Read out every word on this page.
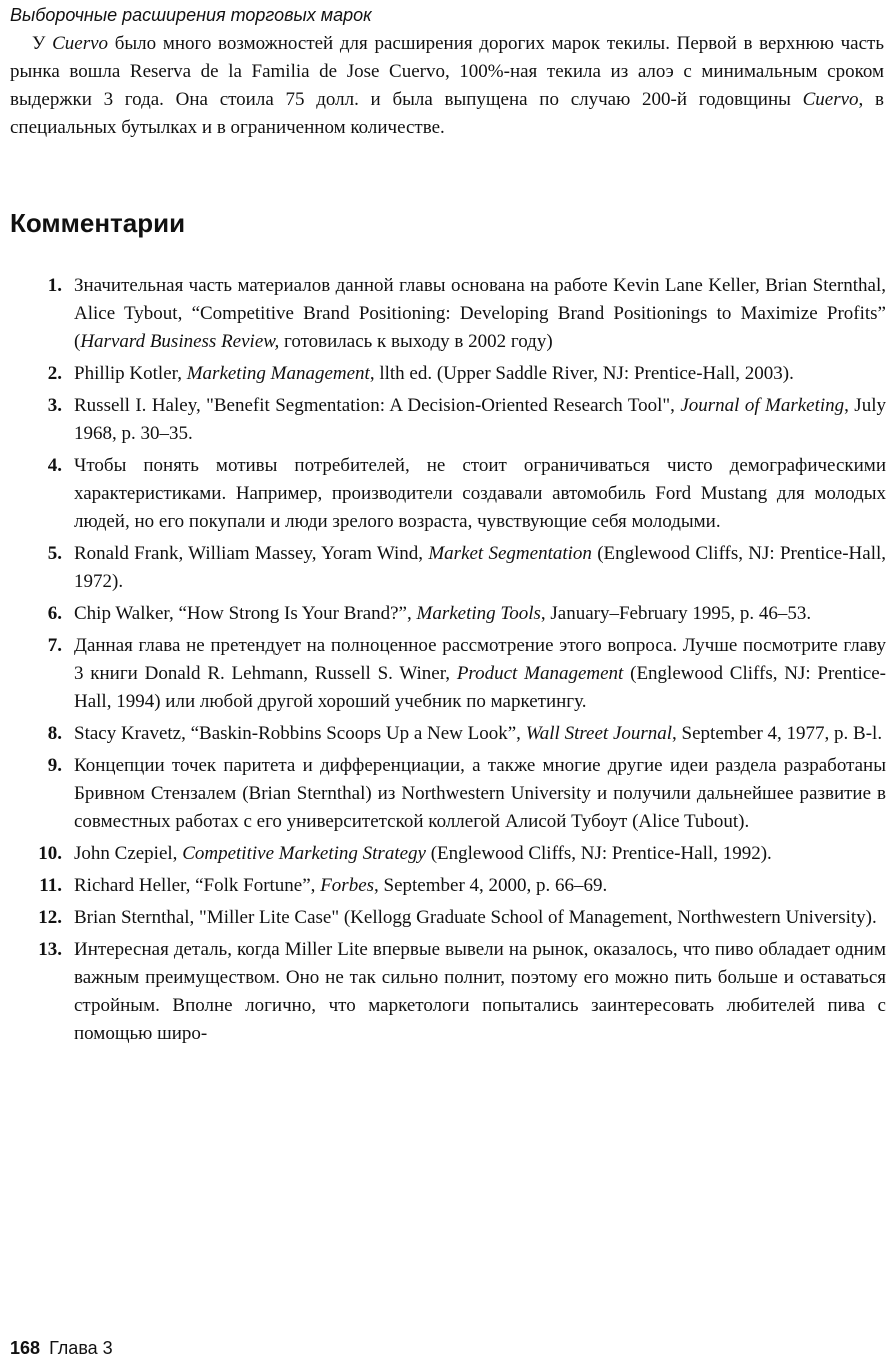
Выборочные расширения торговых марок

У Cuervo было много возможностей для расширения дорогих марок текилы. Первой в верхнюю часть рынка вошла Reserva de la Familia de Jose Cuervo, 100%-ная текила из алоэ с минимальным сроком выдержки 3 года. Она стоила 75 долл. и была выпущена по случаю 200-й годовщины Cuervo, в специальных бутылках и в ограниченном количестве.

Комментарии
1. Значительная часть материалов данной главы основана на работе Kevin Lane Keller, Brian Sternthal, Alice Tybout, “Competitive Brand Positioning: Developing Brand Positionings to Maximize Profits” (Harvard Business Review, готовилась к выходу в 2002 году)
2. Phillip Kotler, Marketing Management, llth ed. (Upper Saddle River, NJ: Prentice-Hall, 2003).
3. Russell I. Haley, "Benefit Segmentation: A Decision-Oriented Research Tool", Journal of Marketing, July 1968, p. 30–35.
4. Чтобы понять мотивы потребителей, не стоит ограничиваться чисто демографическими характеристиками. Например, производители создавали автомобиль Ford Mustang для молодых людей, но его покупали и люди зрелого возраста, чувствующие себя молодыми.
5. Ronald Frank, William Massey, Yoram Wind, Market Segmentation (Englewood Cliffs, NJ: Prentice-Hall, 1972).
6. Chip Walker, “How Strong Is Your Brand?”, Marketing Tools, January–February 1995, p. 46–53.
7. Данная глава не претендует на полноценное рассмотрение этого вопроса. Лучше посмотрите главу 3 книги Donald R. Lehmann, Russell S. Winer, Product Management (Englewood Cliffs, NJ: Prentice-Hall, 1994) или любой другой хороший учебник по маркетингу.
8. Stacy Kravetz, “Baskin-Robbins Scoops Up a New Look”, Wall Street Journal, September 4, 1977, p. B-l.
9. Концепции точек паритета и дифференциации, а также многие другие идеи раздела разработаны Бривном Стензалем (Brian Sternthal) из Northwestern University и получили дальнейшее развитие в совместных работах с его университетской коллегой Алисой Тубоут (Alice Tubout).
10. John Czepiel, Competitive Marketing Strategy (Englewood Cliffs, NJ: Prentice-Hall, 1992).
11. Richard Heller, “Folk Fortune”, Forbes, September 4, 2000, p. 66–69.
12. Brian Sternthal, "Miller Lite Case" (Kellogg Graduate School of Management, Northwestern University).
13. Интересная деталь, когда Miller Lite впервые вывели на рынок, оказалось, что пиво обладает одним важным преимуществом. Оно не так сильно полнит, поэтому его можно пить больше и оставаться стройным. Вполне логично, что маркетологи попытались заинтересовать любителей пива с помощью широ-
168 Глава 3
